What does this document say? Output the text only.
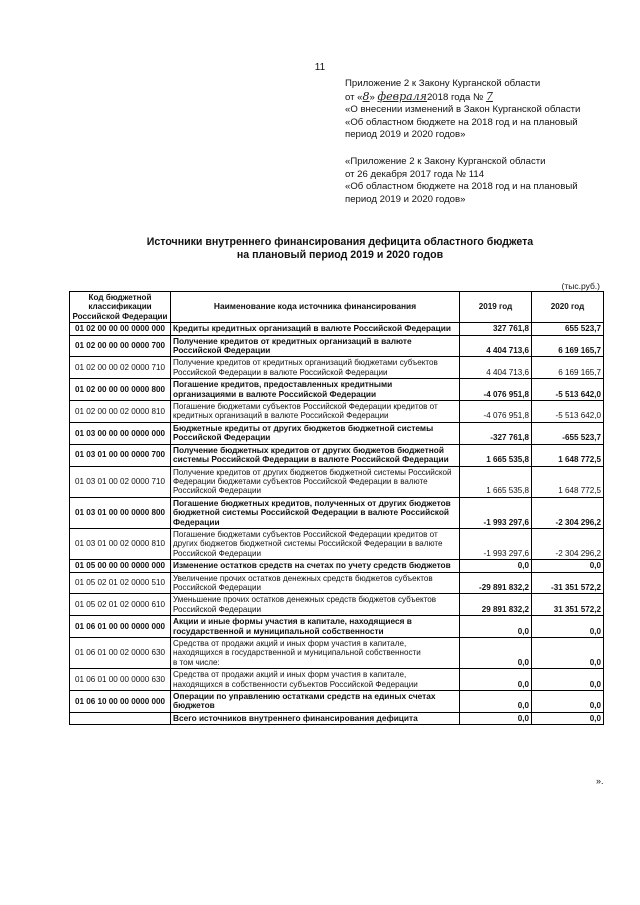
11
Приложение 2 к Закону Курганской области
от «8» февраля2018 года № 7
«О внесении изменений в Закон Курганской области
«Об областном бюджете на 2018 год и на плановый
период 2019 и 2020 годов»
«Приложение 2 к Закону Курганской области
от 26 декабря 2017 года № 114
«Об областном бюджете на 2018 год и на плановый
период 2019 и 2020 годов»
Источники внутреннего финансирования дефицита областного бюджета
на плановый период 2019 и 2020 годов
(тыс.руб.)
Код бюджетной классификации Российской Федерации	Наименование кода источника финансирования	2019 год	2020 год
01 02 00 00 00 0000 000	Кредиты кредитных организаций в валюте Российской Федерации	327 761,8	655 523,7
01 02 00 00 00 0000 700	Получение кредитов от кредитных организаций в валюте Российской Федерации	4 404 713,6	6 169 165,7
01 02 00 00 02 0000 710	Получение кредитов от кредитных организаций бюджетами субъектов Российской Федерации в валюте Российской Федерации	4 404 713,6	6 169 165,7
01 02 00 00 00 0000 800	Погашение кредитов, предоставленных кредитными организациями в валюте Российской Федерации	-4 076 951,8	-5 513 642,0
01 02 00 00 02 0000 810	Погашение бюджетами субъектов Российской Федерации кредитов от кредитных организаций в валюте Российской Федерации	-4 076 951,8	-5 513 642,0
01 03 00 00 00 0000 000	Бюджетные кредиты от других бюджетов бюджетной системы Российской Федерации	-327 761,8	-655 523,7
01 03 01 00 00 0000 700	Получение бюджетных кредитов от других бюджетов бюджетной системы Российской Федерации в валюте Российской Федерации	1 665 535,8	1 648 772,5
01 03 01 00 02 0000 710	Получение кредитов от других бюджетов бюджетной системы Российской Федерации бюджетами субъектов Российской Федерации в валюте Российской Федерации	1 665 535,8	1 648 772,5
01 03 01 00 00 0000 800	Погашение бюджетных кредитов, полученных от других бюджетов бюджетной системы Российской Федерации в валюте Российской Федерации	-1 993 297,6	-2 304 296,2
01 03 01 00 02 0000 810	Погашение бюджетами субъектов Российской Федерации кредитов от других бюджетов бюджетной системы Российской Федерации в валюте Российской Федерации	-1 993 297,6	-2 304 296,2
01 05 00 00 00 0000 000	Изменение остатков средств на счетах по учету средств бюджетов	0,0	0,0
01 05 02 01 02 0000 510	Увеличение прочих остатков денежных средств бюджетов субъектов Российской Федерации	-29 891 832,2	-31 351 572,2
01 05 02 01 02 0000 610	Уменьшение прочих остатков денежных средств бюджетов субъектов Российской Федерации	29 891 832,2	31 351 572,2
01 06 01 00 00 0000 000	Акции и иные формы участия в капитале, находящиеся в государственной и муниципальной собственности	0,0	0,0
01 06 01 00 02 0000 630	Средства от продажи акций и иных форм участия в капитале, находящихся в государственной и муниципальной собственности
в том числе:	0,0	0,0
01 06 01 00 00 0000 630	Средства от продажи акций и иных форм участия в капитале, находящихся в собственности субъектов Российской Федерации	0,0	0,0
01 06 10 00 00 0000 000	Операции по управлению остатками средств на единых счетах бюджетов	0,0	0,0
	Всего источников внутреннего финансирования дефицита	0,0	0,0
».
